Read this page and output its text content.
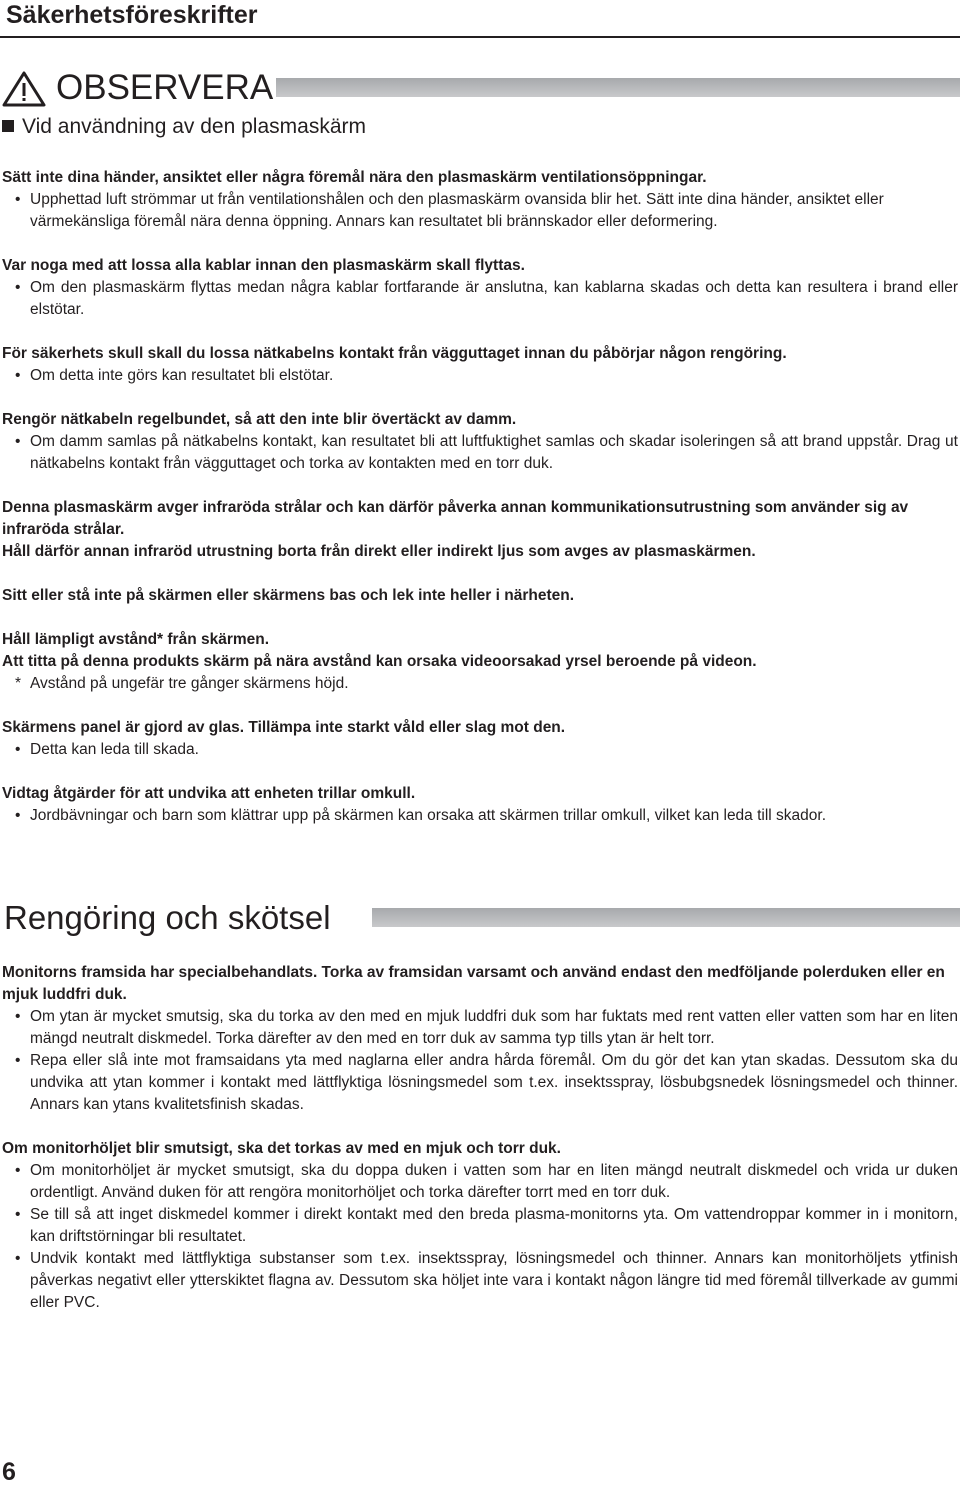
Säkerhetsföreskrifter
OBSERVERA
Vid användning av den plasmaskärm

Sätt inte dina händer, ansiktet eller några föremål nära den plasmaskärm ventilationsöppningar.

• Upphettad luft strömmar ut från ventilationshålen och den plasmaskärm ovansida blir het. Sätt inte dina händer, ansiktet eller värmekänsliga föremål nära denna öppning. Annars kan resultatet bli brännskador eller deformering.

Var noga med att lossa alla kablar innan den plasmaskärm skall flyttas.

• Om den plasmaskärm flyttas medan några kablar fortfarande är anslutna, kan kablarna skadas och detta kan resultera i brand eller elstötar.

För säkerhets skull skall du lossa nätkabelns kontakt från vägguttaget innan du påbörjar någon rengöring.

• Om detta inte görs kan resultatet bli elstötar.

Rengör nätkabeln regelbundet, så att den inte blir övertäckt av damm.

• Om damm samlas på nätkabelns kontakt, kan resultatet bli att luftfuktighet samlas och skadar isoleringen så att brand uppstår. Drag ut nätkabelns kontakt från vägguttaget och torka av kontakten med en torr duk.

Denna plasmaskärm avger infraröda strålar och kan därför påverka annan kommunikationsutrustning som använder sig av infraröda strålar.

Håll därför annan infraröd utrustning borta från direkt eller indirekt ljus som avges av plasmaskärmen.

Sitt eller stå inte på skärmen eller skärmens bas och lek inte heller i närheten.

Håll lämpligt avstånd* från skärmen.

Att titta på denna produkts skärm på nära avstånd kan orsaka videoorsakad yrsel beroende på videon.

* Avstånd på ungefär tre gånger skärmens höjd.

Skärmens panel är gjord av glas. Tillämpa inte starkt våld eller slag mot den.

• Detta kan leda till skada.

Vidtag åtgärder för att undvika att enheten trillar omkull.

• Jordbävningar och barn som klättrar upp på skärmen kan orsaka att skärmen trillar omkull, vilket kan leda till skador.

Rengöring och skötsel

Monitorns framsida har specialbehandlats. Torka av framsidan varsamt och använd endast den medföljande polerduken eller en mjuk luddfri duk.

• Om ytan är mycket smutsig, ska du torka av den med en mjuk luddfri duk som har fuktats med rent vatten eller vatten som har en liten mängd neutralt diskmedel. Torka därefter av den med en torr duk av samma typ tills ytan är helt torr.

• Repa eller slå inte mot framsaidans yta med naglarna eller andra hårda föremål. Om du gör det kan ytan skadas. Dessutom ska du undvika att ytan kommer i kontakt med lättflyktiga lösningsmedel som t.ex. insektsspray, lösbubgsnedek lösningsmedel och thinner. Annars kan ytans kvalitetsfinish skadas.

Om monitorhöljet blir smutsigt, ska det torkas av med en mjuk och torr duk.

• Om monitorhöljet är mycket smutsigt, ska du doppa duken i vatten som har en liten mängd neutralt diskmedel och vrida ur duken ordentligt. Använd duken för att rengöra monitorhöljet och torka därefter torrt med en torr duk.

• Se till så att inget diskmedel kommer i direkt kontakt med den breda plasma-monitorns yta. Om vattendroppar kommer in i monitorn, kan driftstörningar bli resultatet.

• Undvik kontakt med lättflyktiga substanser som t.ex. insektsspray, lösningsmedel och thinner. Annars kan monitorhöljets ytfinish påverkas negativt eller ytterskiktet flagna av. Dessutom ska höljet inte vara i kontakt någon längre tid med föremål tillverkade av gummi eller PVC.

6
